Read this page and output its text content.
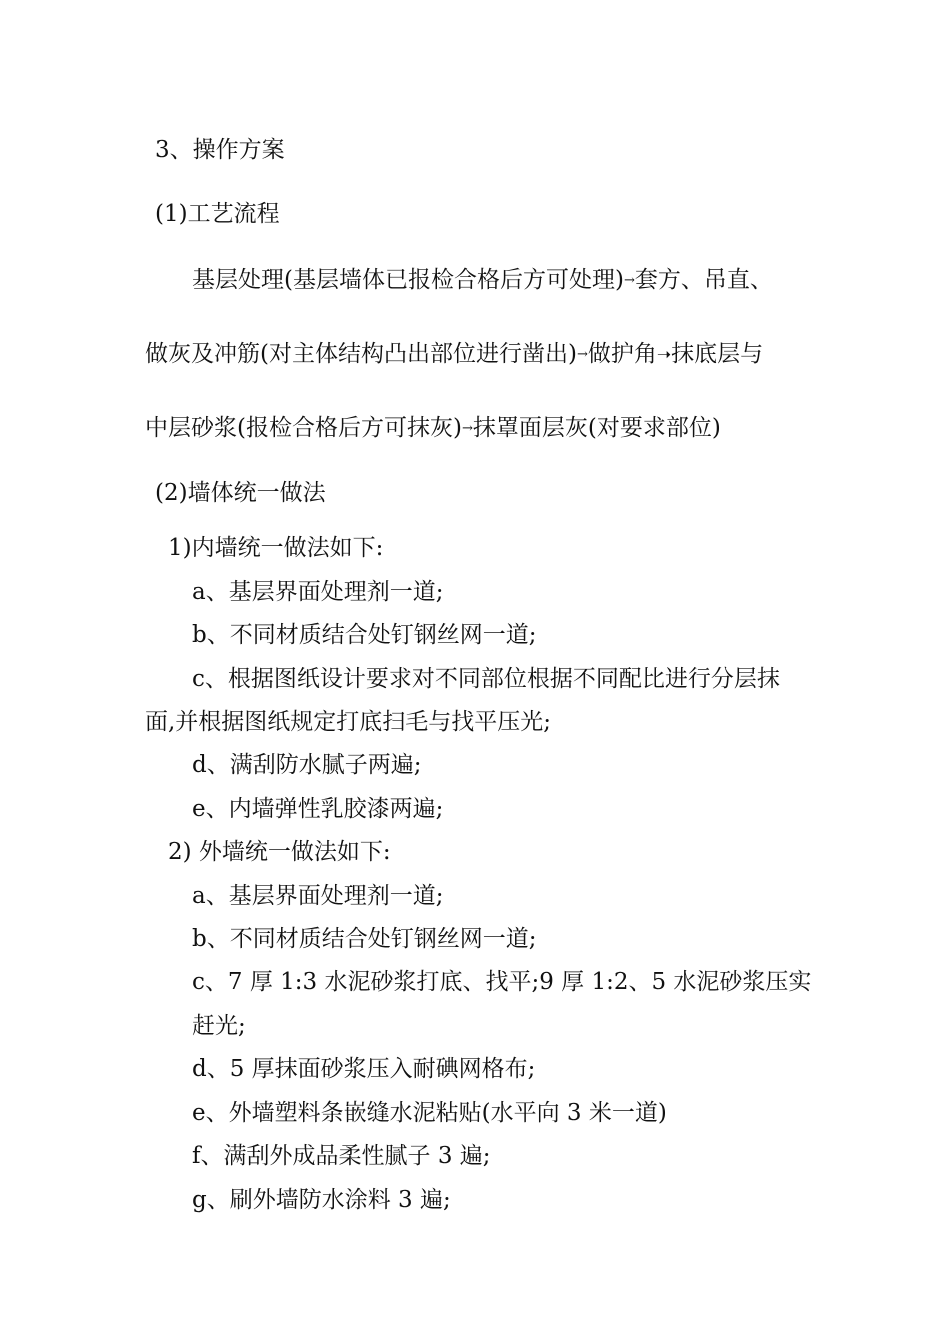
3、操作方案
(1)工艺流程
基层处理(基层墙体已报检合格后方可处理)→套方、吊直、
做灰及冲筋(对主体结构凸出部位进行凿出)→做护角➝抹底层与
中层砂浆(报检合格后方可抹灰)→抹罩面层灰(对要求部位)
(2)墙体统一做法
1)内墙统一做法如下:
a、基层界面处理剂一道;
b、不同材质结合处钉钢丝网一道;
c、根据图纸设计要求对不同部位根据不同配比进行分层抹
面,并根据图纸规定打底扫毛与找平压光;
d、满刮防水腻子两遍;
e、内墙弹性乳胶漆两遍;
2) 外墙统一做法如下:
a、基层界面处理剂一道;
b、不同材质结合处钉钢丝网一道;
c、7 厚 1:3 水泥砂浆打底、找平;9 厚 1:2、5 水泥砂浆压实
赶光;
d、5 厚抹面砂浆压入耐碘网格布;
e、外墙塑料条嵌缝水泥粘贴(水平向 3 米一道)
f、满刮外成品柔性腻子 3 遍;
g、刷外墙防水涂料 3 遍;
